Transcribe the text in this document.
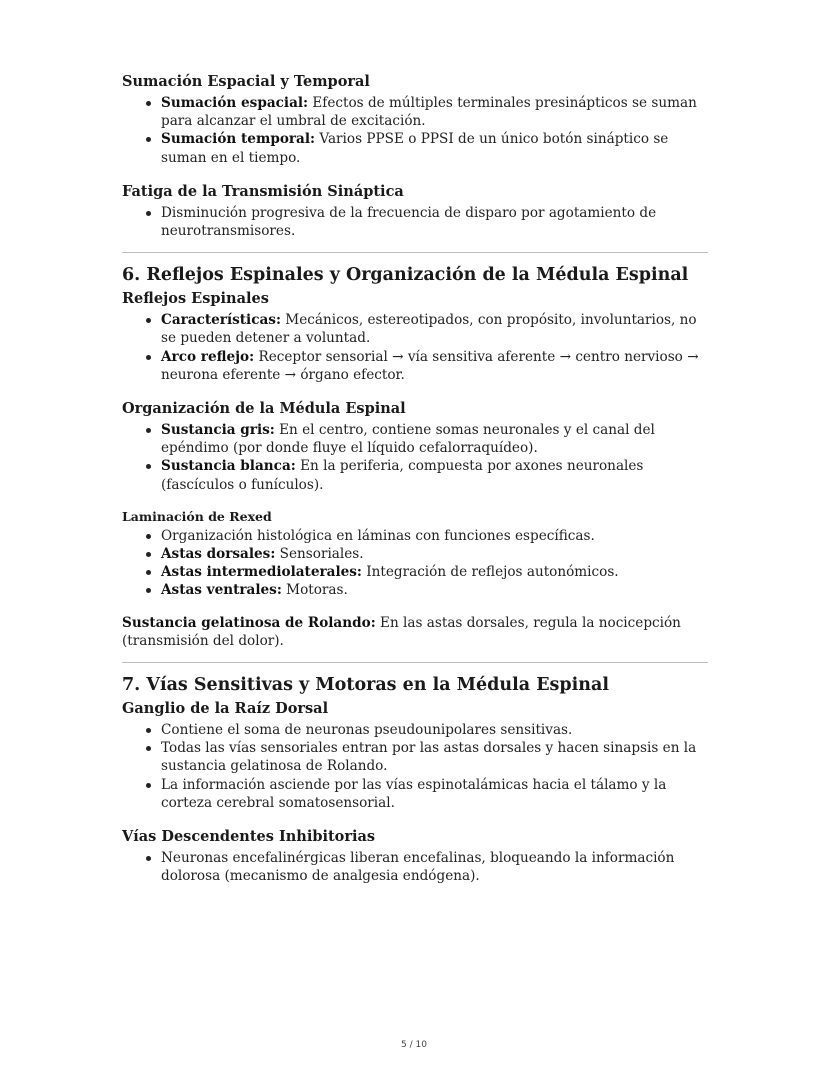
Sumación Espacial y Temporal
Sumación espacial: Efectos de múltiples terminales presinápticos se suman para alcanzar el umbral de excitación.
Sumación temporal: Varios PPSE o PPSI de un único botón sináptico se suman en el tiempo.
Fatiga de la Transmisión Sináptica
Disminución progresiva de la frecuencia de disparo por agotamiento de neurotransmisores.
6. Reflejos Espinales y Organización de la Médula Espinal
Reflejos Espinales
Características: Mecánicos, estereotipados, con propósito, involuntarios, no se pueden detener a voluntad.
Arco reflejo: Receptor sensorial → vía sensitiva aferente → centro nervioso → neurona eferente → órgano efector.
Organización de la Médula Espinal
Sustancia gris: En el centro, contiene somas neuronales y el canal del epéndimo (por donde fluye el líquido cefalorraquídeo).
Sustancia blanca: En la periferia, compuesta por axones neuronales (fascículos o funículos).
Laminación de Rexed
Organización histológica en láminas con funciones específicas.
Astas dorsales: Sensoriales.
Astas intermediolaterales: Integración de reflejos autonómicos.
Astas ventrales: Motoras.

Sustancia gelatinosa de Rolando: En las astas dorsales, regula la nocicepción (transmisión del dolor).

7. Vías Sensitivas y Motoras en la Médula Espinal
Ganglio de la Raíz Dorsal
Contiene el soma de neuronas pseudounipolares sensitivas.
Todas las vías sensoriales entran por las astas dorsales y hacen sinapsis en la sustancia gelatinosa de Rolando.
La información asciende por las vías espinotalámicas hacia el tálamo y la corteza cerebral somatosensorial.
Vías Descendentes Inhibitorias
Neuronas encefalinérgicas liberan encefalinas, bloqueando la información dolorosa (mecanismo de analgesia endógena).
5 / 10
